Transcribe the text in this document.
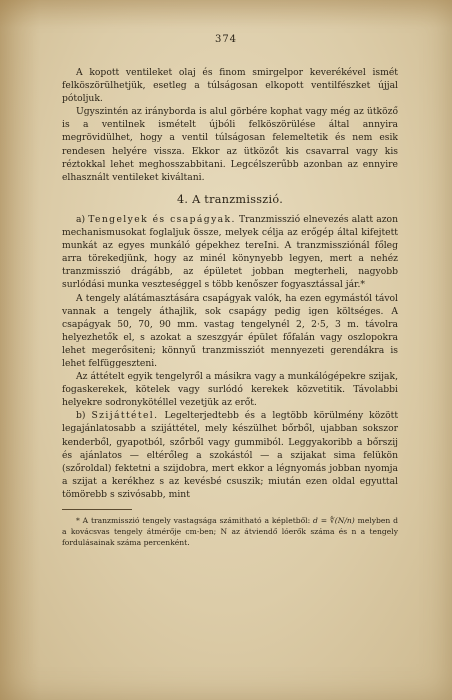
374

A kopott ventileket olaj és finom smirgelpor keverékével ismét felköszörülhetjük, esetleg a túlságosan elkopott ventilfészket újjal pótoljuk.

Ugyszintén az irányborda is alul görbére kophat vagy még az ütköző is a ventilnek ismételt újbóli felköszörülése által annyira megrövidülhet, hogy a ventil túlságosan felemeltetik és nem esik rendesen helyére vissza. Ekkor az ütközőt kis csavarral vagy kis réztokkal lehet meghosszabbitani. Legcélszerűbb azonban az ennyire elhasznált ventileket kiváltani.

4. A tranzmisszió.

a) Tengelyek és csapágyak. Tranzmisszió elnevezés alatt azon mechanismusokat foglaljuk össze, melyek célja az erőgép által kifejtett munkát az egyes munkáló gépekhez tereIni. A tranzmissziónál főleg arra törekedjünk, hogy az minél könynyebb legyen, mert a nehéz tranzmisszió drágább, az épületet jobban megterheli, nagyobb surlódási munka veszteséggel s több kenőszer fogyasztással jár.*

A tengely alátámasztására csapágyak valók, ha ezen egymástól távol vannak a tengely áthajlik, sok csapágy pedig igen költséges. A csapágyak 50, 70, 90 mm. vastag tengelynél 2, 2·5, 3 m. távolra helyezhetők el, s azokat a szeszgyár épület főfalán vagy oszlopokra lehet megerősiteni; könnyű tranzmissziót mennyezeti gerendákra is lehet felfüggeszteni.

Az áttételt egyik tengelyről a másikra vagy a munkálógépekre szijak, fogaskerekek, kötelek vagy surlódó kerekek közvetitik. Távolabbi helyekre sodronykötéllel vezetjük az erőt.

b) Szijáttétel. Legelterjedtebb és a legtöbb körülmény között legajánlatosabb a szijáttétel, mely készülhet bőrből, ujabban sokszor kenderből, gyapotból, szőrből vagy gummiból. Leggyakoribb a bőrszij és ajánlatos — eltérőleg a szokástól — a szijakat sima felükön (szőroldal) fektetni a szijdobra, mert ekkor a légnyomás jobban nyomja a szijat a kerékhez s az kevésbé csuszik; miután ezen oldal egyuttal tömörebb s szivósabb, mint

* A tranzmisszió tengely vastagsága számitható a képletből: d = ∜(N/n) melyben d a kovácsvas tengely átmérője cm-ben; N az átviendő lóerők száma és n a tengely fordulásainak száma percenként.
